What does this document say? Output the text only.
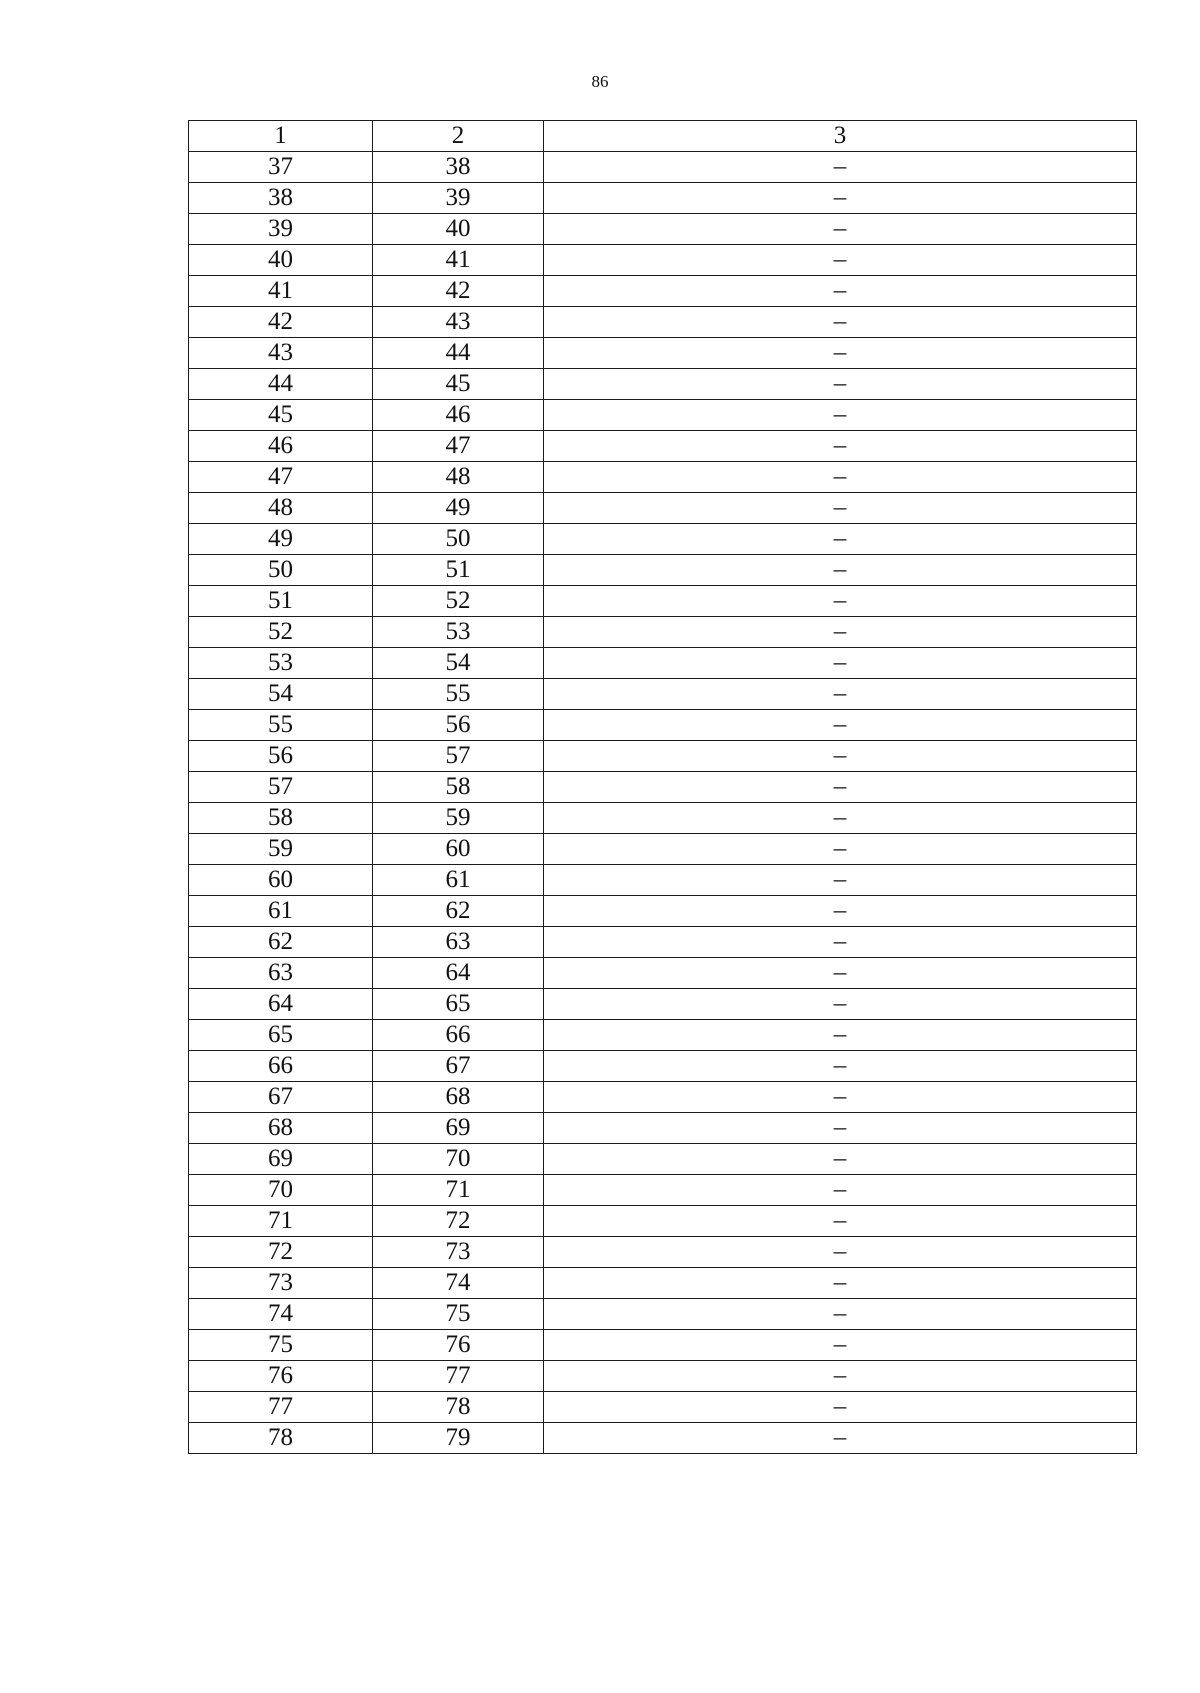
86
1	2	3
37	38	–
38	39	–
39	40	–
40	41	–
41	42	–
42	43	–
43	44	–
44	45	–
45	46	–
46	47	–
47	48	–
48	49	–
49	50	–
50	51	–
51	52	–
52	53	–
53	54	–
54	55	–
55	56	–
56	57	–
57	58	–
58	59	–
59	60	–
60	61	–
61	62	–
62	63	–
63	64	–
64	65	–
65	66	–
66	67	–
67	68	–
68	69	–
69	70	–
70	71	–
71	72	–
72	73	–
73	74	–
74	75	–
75	76	–
76	77	–
77	78	–
78	79	–
